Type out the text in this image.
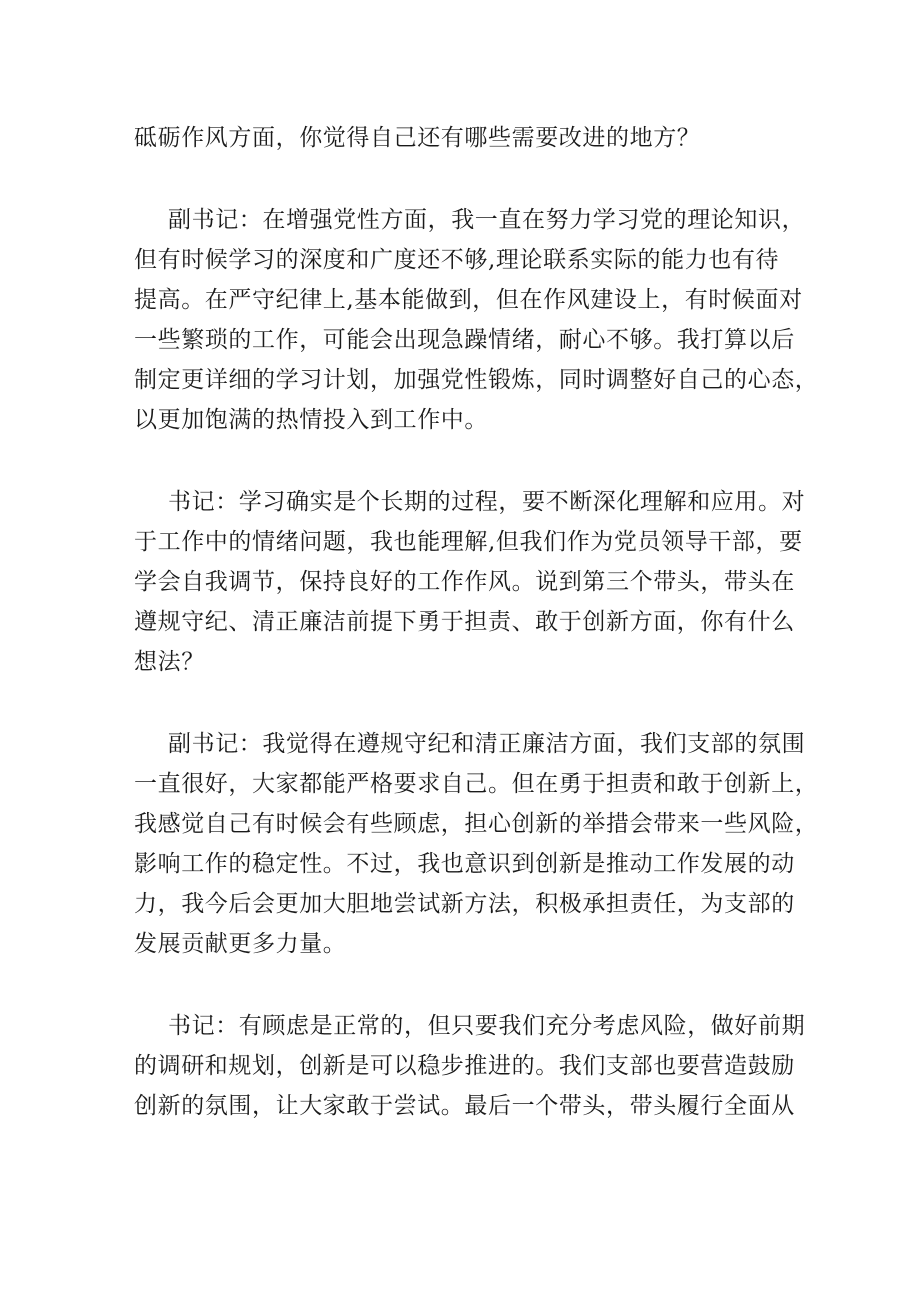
砥砺作风方面，你觉得自己还有哪些需要改进的地方？
副书记：在增强党性方面，我一直在努力学习党的理论知识，
但有时候学习的深度和广度还不够,理论联系实际的能力也有待
提高。在严守纪律上,基本能做到，但在作风建设上，有时候面对
一些繁琐的工作，可能会出现急躁情绪，耐心不够。我打算以后
制定更详细的学习计划，加强党性锻炼，同时调整好自己的心态，
以更加饱满的热情投入到工作中。
书记：学习确实是个长期的过程，要不断深化理解和应用。对
于工作中的情绪问题，我也能理解,但我们作为党员领导干部，要
学会自我调节，保持良好的工作作风。说到第三个带头，带头在
遵规守纪、清正廉洁前提下勇于担责、敢于创新方面，你有什么
想法？
副书记：我觉得在遵规守纪和清正廉洁方面，我们支部的氛围
一直很好，大家都能严格要求自己。但在勇于担责和敢于创新上，
我感觉自己有时候会有些顾虑，担心创新的举措会带来一些风险，
影响工作的稳定性。不过，我也意识到创新是推动工作发展的动
力，我今后会更加大胆地尝试新方法，积极承担责任，为支部的
发展贡献更多力量。
书记：有顾虑是正常的，但只要我们充分考虑风险，做好前期
的调研和规划，创新是可以稳步推进的。我们支部也要营造鼓励
创新的氛围，让大家敢于尝试。最后一个带头，带头履行全面从
